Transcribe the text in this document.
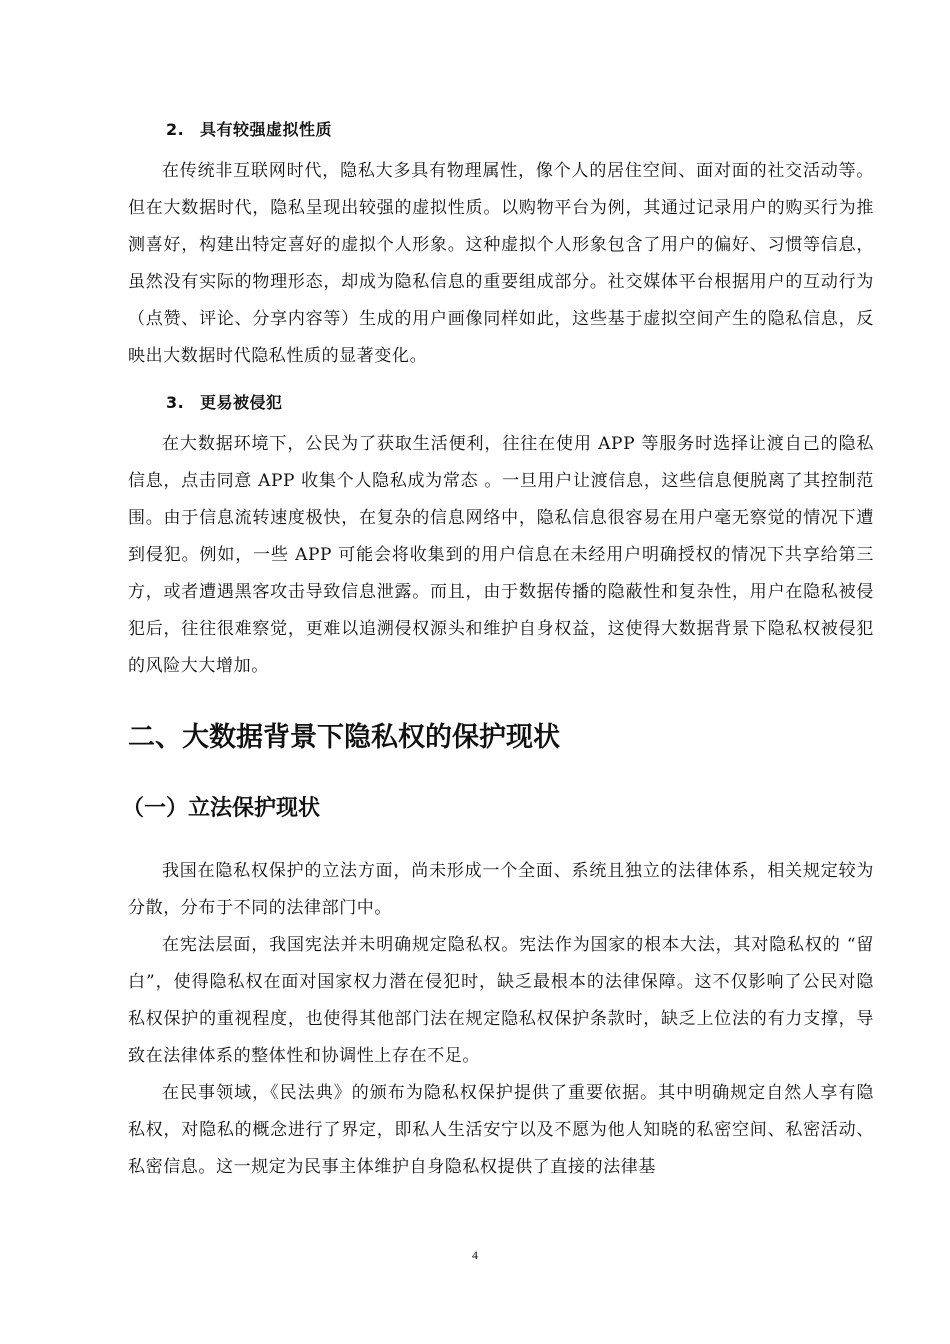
2. 具有较强虚拟性质

在传统非互联网时代，隐私大多具有物理属性，像个人的居住空间、面对面的社交活动等。但在大数据时代，隐私呈现出较强的虚拟性质。以购物平台为例，其通过记录用户的购买行为推测喜好，构建出特定喜好的虚拟个人形象。这种虚拟个人形象包含了用户的偏好、习惯等信息，虽然没有实际的物理形态，却成为隐私信息的重要组成部分。社交媒体平台根据用户的互动行为（点赞、评论、分享内容等）生成的用户画像同样如此，这些基于虚拟空间产生的隐私信息，反映出大数据时代隐私性质的显著变化。

3. 更易被侵犯

在大数据环境下，公民为了获取生活便利，往往在使用 APP 等服务时选择让渡自己的隐私信息，点击同意 APP 收集个人隐私成为常态 。一旦用户让渡信息，这些信息便脱离了其控制范围。由于信息流转速度极快，在复杂的信息网络中，隐私信息很容易在用户毫无察觉的情况下遭到侵犯。例如，一些 APP 可能会将收集到的用户信息在未经用户明确授权的情况下共享给第三方，或者遭遇黑客攻击导致信息泄露。而且，由于数据传播的隐蔽性和复杂性，用户在隐私被侵犯后，往往很难察觉，更难以追溯侵权源头和维护自身权益，这使得大数据背景下隐私权被侵犯的风险大大增加。

二、大数据背景下隐私权的保护现状
（一）立法保护现状

我国在隐私权保护的立法方面，尚未形成一个全面、系统且独立的法律体系，相关规定较为分散，分布于不同的法律部门中。

在宪法层面，我国宪法并未明确规定隐私权。宪法作为国家的根本大法，其对隐私权的 “留白”，使得隐私权在面对国家权力潜在侵犯时，缺乏最根本的法律保障。这不仅影响了公民对隐私权保护的重视程度，也使得其他部门法在规定隐私权保护条款时，缺乏上位法的有力支撑，导致在法律体系的整体性和协调性上存在不足。

在民事领域，《民法典》的颁布为隐私权保护提供了重要依据。其中明确规定自然人享有隐私权，对隐私的概念进行了界定，即私人生活安宁以及不愿为他人知晓的私密空间、私密活动、私密信息。这一规定为民事主体维护自身隐私权提供了直接的法律基

4
